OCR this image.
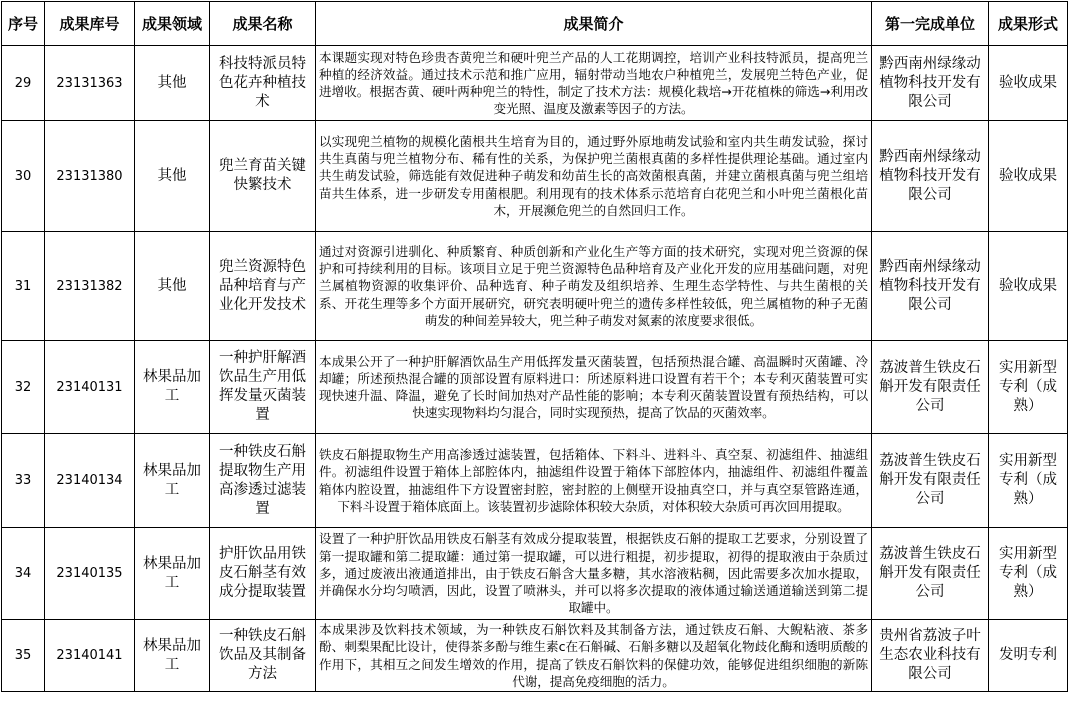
序号	成果库号	成果领域	成果名称	成果简介	第一完成单位	成果形式
29	23131363	其他	科技特派员特色花卉种植技术	本课题实现对特色珍贵杏黄兜兰和硬叶兜兰产品的人工花期调控，培训产业科技特派员，提高兜兰种植的经济效益。通过技术示范和推广应用，辐射带动当地农户种植兜兰，发展兜兰特色产业，促进增收。根据杏黄、硬叶两种兜兰的特性，制定了技术方法：规模化栽培→开花植株的筛选→利用改变光照、温度及激素等因子的方法。	黔西南州绿缘动植物科技开发有限公司	验收成果
30	23131380	其他	兜兰育苗关键快繁技术	以实现兜兰植物的规模化菌根共生培育为目的，通过野外原地萌发试验和室内共生萌发试验，探讨共生真菌与兜兰植物分布、稀有性的关系，为保护兜兰菌根真菌的多样性提供理论基础。通过室内共生萌发试验，筛选能有效促进种子萌发和幼苗生长的高效菌根真菌，并建立菌根真菌与兜兰组培苗共生体系，进一步研发专用菌根肥。利用现有的技术体系示范培育白花兜兰和小叶兜兰菌根化苗木，开展濒危兜兰的自然回归工作。	黔西南州绿缘动植物科技开发有限公司	验收成果
31	23131382	其他	兜兰资源特色品种培育与产业化开发技术	通过对资源引进驯化、种质繁育、种质创新和产业化生产等方面的技术研究，实现对兜兰资源的保护和可持续利用的目标。该项目立足于兜兰资源特色品种培育及产业化开发的应用基础问题，对兜兰属植物资源的收集评价、品种选育、种子萌发及组织培养、生理生态学特性、与共生菌根的关系、开花生理等多个方面开展研究，研究表明硬叶兜兰的遗传多样性较低，兜兰属植物的种子无菌萌发的种间差异较大，兜兰种子萌发对氮素的浓度要求很低。	黔西南州绿缘动植物科技开发有限公司	验收成果
32	23140131	林果品加工	一种护肝解酒饮品生产用低挥发量灭菌装置	本成果公开了一种护肝解酒饮品生产用低挥发量灭菌装置，包括预热混合罐、高温瞬时灭菌罐、冷却罐；所述预热混合罐的顶部设置有原料进口：所述原料进口设置有若干个；本专利灭菌装置可实现快速升温、降温，避免了长时间加热对产品性能的影响；本专利灭菌装置设置有预热结构，可以快速实现物料均匀混合，同时实现预热，提高了饮品的灭菌效率。	荔波普生铁皮石斛开发有限责任公司	实用新型专利（成熟）
33	23140134	林果品加工	一种铁皮石斛提取物生产用高渗透过滤装置	铁皮石斛提取物生产用高渗透过滤装置，包括箱体、下料斗、进料斗、真空泵、初滤组件、抽滤组件。初滤组件设置于箱体上部腔体内，抽滤组件设置于箱体下部腔体内，抽滤组件、初滤组件覆盖箱体内腔设置，抽滤组件下方设置密封腔，密封腔的上侧壁开设抽真空口，并与真空泵管路连通，下料斗设置于箱体底面上。该装置初步滤除体积较大杂质，对体积较大杂质可再次回用提取。	荔波普生铁皮石斛开发有限责任公司	实用新型专利（成熟）
34	23140135	林果品加工	护肝饮品用铁皮石斛茎有效成分提取装置	设置了一种护肝饮品用铁皮石斛茎有效成分提取装置，根据铁皮石斛的提取工艺要求，分别设置了第一提取罐和第二提取罐：通过第一提取罐，可以进行粗提，初步提取，初得的提取液由于杂质过多，通过废液出液通道排出，由于铁皮石斛含大量多糖，其水溶液粘稠，因此需要多次加水提取，并确保水分均匀喷洒，因此，设置了喷淋头，并可以将多次提取的液体通过输送通道输送到第二提取罐中。	荔波普生铁皮石斛开发有限责任公司	实用新型专利（成熟）
35	23140141	林果品加工	一种铁皮石斛饮品及其制备方法	本成果涉及饮料技术领域，为一种铁皮石斛饮料及其制备方法，通过铁皮石斛、大鲵粘液、茶多酚、刺梨果配比设计，使得茶多酚与维生素c在石斛碱、石斛多糖以及超氧化物歧化酶和透明质酸的作用下，其相互之间发生增效的作用，提高了铁皮石斛饮料的保健功效，能够促进组织细胞的新陈代谢，提高免疫细胞的活力。	贵州省荔波子叶生态农业科技有限公司	发明专利
